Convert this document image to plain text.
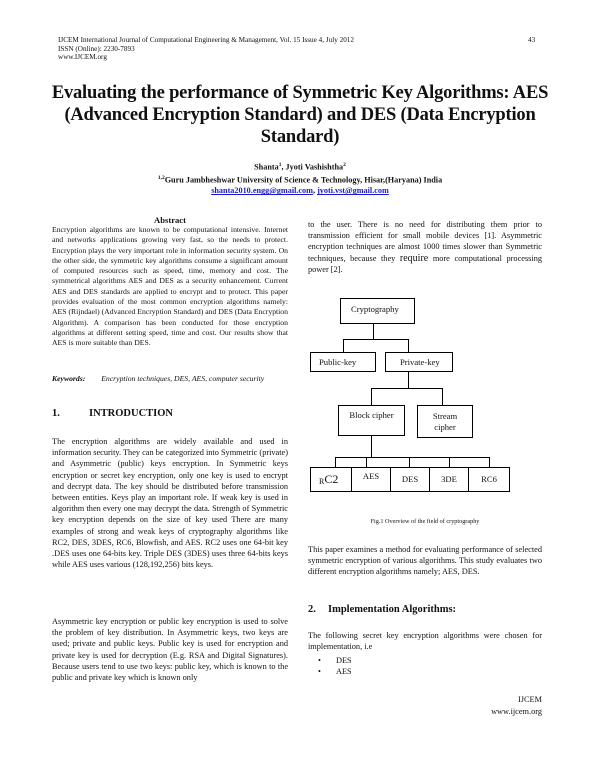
IJCEM International Journal of Computational Engineering & Management, Vol. 15 Issue 4, July 2012
ISSN (Online): 2230-7893
www.IJCEM.org
43
Evaluating the performance of Symmetric Key Algorithms: AES (Advanced Encryption Standard) and DES (Data Encryption Standard)
Shanta$^1$, Jyoti Vashishtha$^2$
$^{1,2}$Guru Jambheshwar University of Science & Technology, Hisar,(Haryana) India
shanta2010.engg@gmail.com, jyoti.vst@gmail.com
Abstract
Encryption algorithms are known to be computational intensive. Internet and networks applications growing very fast, so the needs to protect. Encryption plays the very important role in information security system. On the other side, the symmetric key algorithms consume a significant amount of computed resources such as speed, time, memory and cost. The symmetrical algorithms AES and DES as a security enhancement. Current AES and DES standards are applied to encrypt and to protect. This paper provides evaluation of the most common encryption algorithms namely: AES (Rijndael) (Advanced Encryption Standard) and DES (Data Encryption Algorithm). A comparison has been conducted for those encryption algorithms at different setting speed, time and cost. Our results show that AES is more suitable than DES.
Keywords: Encryption techniques, DES, AES, computer security
1.	INTRODUCTION
The encryption algorithms are widely available and used in information security. They can be categorized into Symmetric (private) and Asymmetric (public) keys encryption. In Symmetric keys encryption or secret key encryption, only one key is used to encrypt and decrypt data. The key should be distributed before transmission between entities. Keys play an important role. If weak key is used in algorithm then every one may decrypt the data. Strength of Symmetric key encryption depends on the size of key used There are many examples of strong and weak keys of cryptography algorithms like RC2, DES, 3DES, RC6, Blowfish, and AES. RC2 uses one 64-bit key .DES uses one 64-bits key. Triple DES (3DES) uses three 64-bits keys while AES uses various (128,192,256) bits keys.
Asymmetric key encryption or public key encryption is used to solve the problem of key distribution. In Asymmetric keys, two keys are used; private and public keys. Public key is used for encryption and private key is used for decryption (E.g. RSA and Digital Signatures). Because users tend to use two keys: public key, which is known to the public and private key which is known only
to the user. There is no need for distributing them prior to transmission efficient for small mobile devices [1]. Asymmetric encryption techniques are almost 1000 times slower than Symmetric techniques, because they require more computational processing power [2].
Cryptography
Public-key	Private-key
Block cipher	Stream cipher
R C2	AES	DES	3DE	RC6
Fig.1 Overview of the field of cryptography
This paper examines a method for evaluating performance of selected symmetric encryption of various algorithms. This study evaluates two different encryption algorithms namely; AES, DES.
2. Implementation Algorithms:
The following secret key encryption algorithms were chosen for implementation, i.e
• DES
• AES
IJCEM
www.ijcem.org
